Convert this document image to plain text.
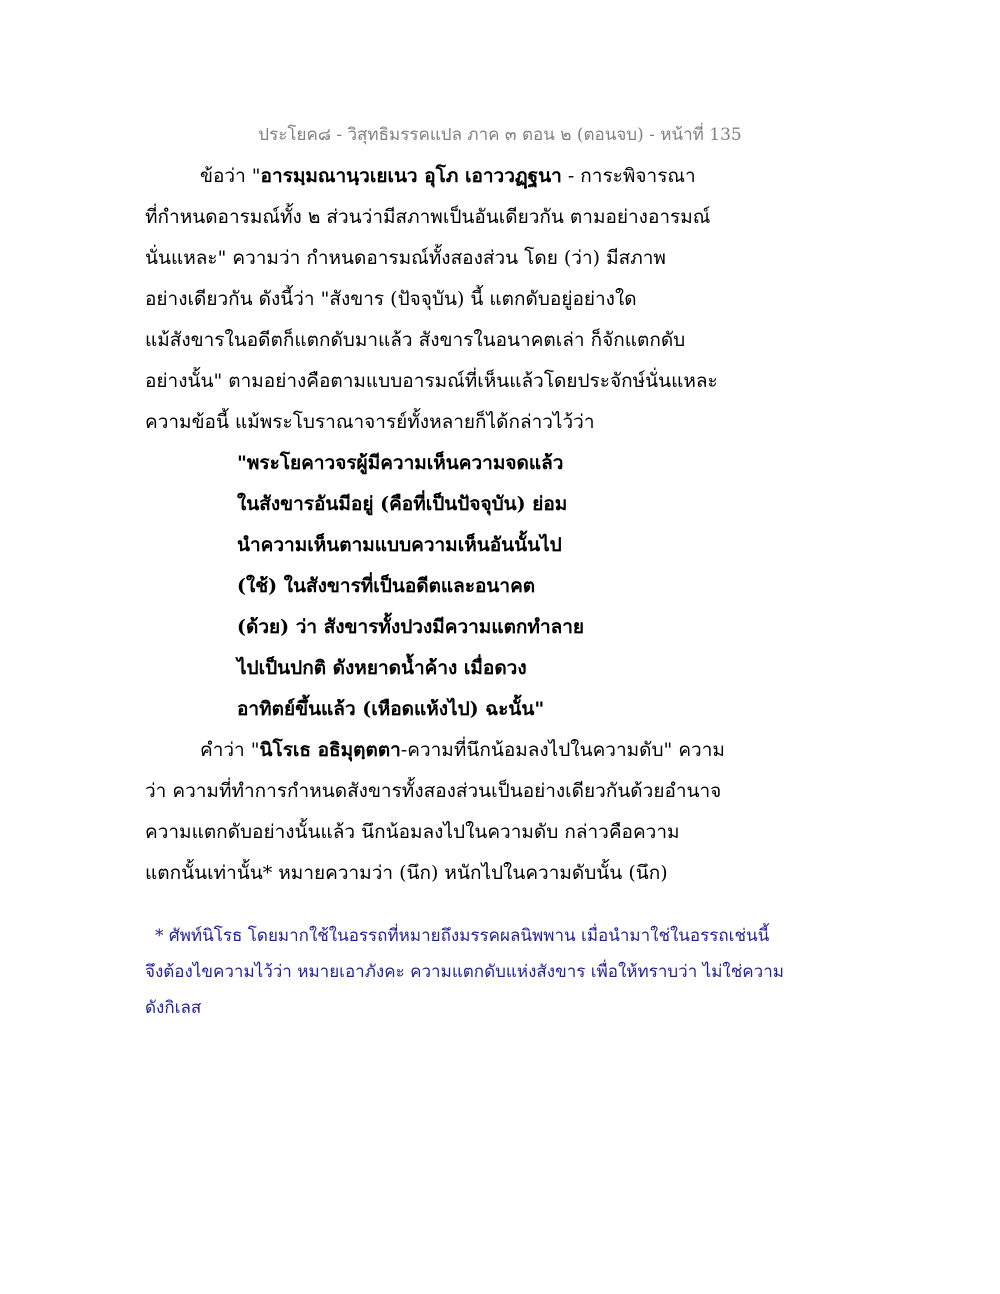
ประโยค๘ - วิสุทธิมรรคแปล ภาค ๓ ตอน ๒ (ตอนจบ) - หน้าที่ 135
ข้อว่า "อารมฺมณานฺวเยเนว อุโภ เอาววฏฺฐนา - การะพิจารณา
ที่กำหนดอารมณ์ทั้ง ๒ ส่วนว่ามีสภาพเป็นอันเดียวกัน ตามอย่างอารมณ์
นั่นแหละ" ความว่า กำหนดอารมณ์ทั้งสองส่วน โดย (ว่า) มีสภาพ
อย่างเดียวกัน ดังนี้ว่า "สังขาร (ปัจจุบัน) นี้ แตกดับอยู่อย่างใด
แม้สังขารในอดีตก็แตกดับมาแล้ว สังขารในอนาคตเล่า ก็จักแตกดับ
อย่างนั้น" ตามอย่างคือตามแบบอารมณ์ที่เห็นแล้วโดยประจักษ์นั่นแหละ
ความข้อนี้ แม้พระโบราณาจารย์ทั้งหลายก็ได้กล่าวไว้ว่า
"พระโยคาวจรผู้มีความเห็นความจดแล้ว
ในสังขารอันมีอยู่ (คือที่เป็นปัจจุบัน) ย่อม
นำความเห็นตามแบบความเห็นอันนั้นไป
(ใช้) ในสังขารที่เป็นอดีตและอนาคต
(ด้วย) ว่า สังขารทั้งปวงมีความแตกทำลาย
ไปเป็นปกติ ดังหยาดน้ำค้าง เมื่อดวง
อาทิตย์ขึ้นแล้ว (เหือดแห้งไป) ฉะนั้น"
คำว่า "นิโรเธ อธิมุตฺตตา-ความที่นึกน้อมลงไปในความดับ" ความ
ว่า ความที่ทำการกำหนดสังขารทั้งสองส่วนเป็นอย่างเดียวกันด้วยอำนาจ
ความแตกดับอย่างนั้นแล้ว นึกน้อมลงไปในความดับ กล่าวคือความ
แตกนั้นเท่านั้น* หมายความว่า (นึก) หนักไปในความดับนั้น (นึก)
* ศัพท์นิโรธ โดยมากใช้ในอรรถที่หมายถึงมรรคผลนิพพาน เมื่อนำมาใช่ในอรรถเช่นนี้
จึงต้องไขความไว้ว่า หมายเอาภังคะ ความแตกดับแห่งสังขาร เพื่อให้ทราบว่า ไม่ใช่ความ
ดังกิเลส
